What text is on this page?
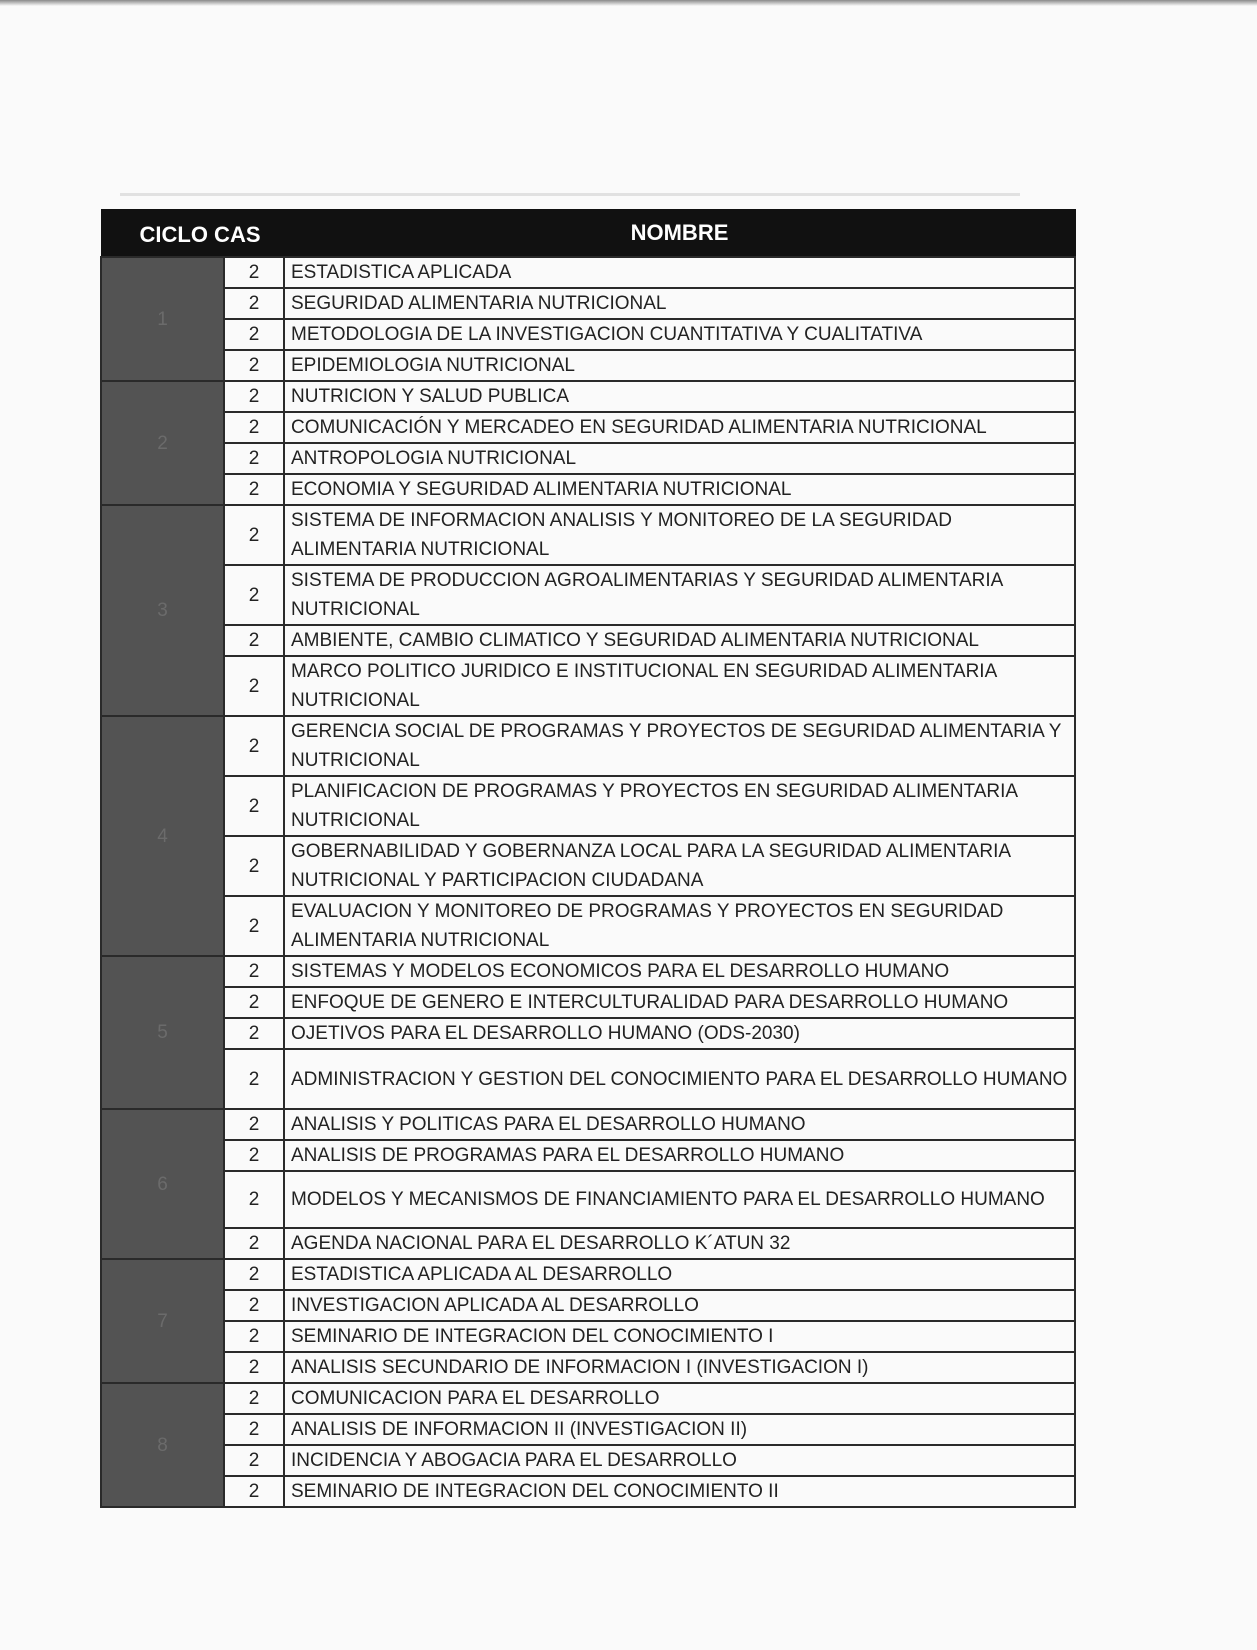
CICLO CAS		NOMBRE

1	2	ESTADISTICA APLICADA
	2	SEGURIDAD ALIMENTARIA NUTRICIONAL
	2	METODOLOGIA DE LA INVESTIGACION CUANTITATIVA Y CUALITATIVA
	2	EPIDEMIOLOGIA NUTRICIONAL
2	2	NUTRICION Y SALUD PUBLICA
	2	COMUNICACIÓN Y MERCADEO EN SEGURIDAD ALIMENTARIA NUTRICIONAL
	2	ANTROPOLOGIA NUTRICIONAL
	2	ECONOMIA Y SEGURIDAD ALIMENTARIA NUTRICIONAL
3	2	SISTEMA DE INFORMACION ANALISIS Y MONITOREO DE LA SEGURIDAD ALIMENTARIA NUTRICIONAL
	2	SISTEMA DE PRODUCCION AGROALIMENTARIAS Y SEGURIDAD ALIMENTARIA NUTRICIONAL
	2	AMBIENTE, CAMBIO CLIMATICO Y SEGURIDAD ALIMENTARIA NUTRICIONAL
	2	MARCO POLITICO JURIDICO E INSTITUCIONAL EN SEGURIDAD ALIMENTARIA NUTRICIONAL
4	2	GERENCIA SOCIAL DE PROGRAMAS Y PROYECTOS DE SEGURIDAD ALIMENTARIA Y NUTRICIONAL
	2	PLANIFICACION DE PROGRAMAS Y PROYECTOS EN SEGURIDAD ALIMENTARIA NUTRICIONAL
	2	GOBERNABILIDAD Y GOBERNANZA LOCAL PARA LA SEGURIDAD ALIMENTARIA NUTRICIONAL Y PARTICIPACION CIUDADANA
	2	EVALUACION Y MONITOREO DE PROGRAMAS Y PROYECTOS EN SEGURIDAD ALIMENTARIA NUTRICIONAL
5	2	SISTEMAS Y MODELOS ECONOMICOS PARA EL DESARROLLO HUMANO
	2	ENFOQUE DE GENERO E INTERCULTURALIDAD PARA DESARROLLO HUMANO
	2	OJETIVOS PARA EL DESARROLLO HUMANO (ODS-2030)
	2	ADMINISTRACION Y GESTION DEL CONOCIMIENTO PARA EL DESARROLLO HUMANO
6	2	ANALISIS Y POLITICAS PARA EL DESARROLLO HUMANO
	2	ANALISIS DE PROGRAMAS PARA EL DESARROLLO HUMANO
	2	MODELOS Y MECANISMOS DE FINANCIAMIENTO PARA EL DESARROLLO HUMANO
	2	AGENDA NACIONAL PARA EL DESARROLLO K´ATUN 32
7	2	ESTADISTICA APLICADA AL DESARROLLO
	2	INVESTIGACION APLICADA AL DESARROLLO
	2	SEMINARIO DE INTEGRACION DEL CONOCIMIENTO I
	2	ANALISIS SECUNDARIO DE INFORMACION I (INVESTIGACION I)
8	2	COMUNICACION PARA EL DESARROLLO
	2	ANALISIS DE INFORMACION II (INVESTIGACION II)
	2	INCIDENCIA Y ABOGACIA PARA EL DESARROLLO
	2	SEMINARIO DE INTEGRACION DEL CONOCIMIENTO II
